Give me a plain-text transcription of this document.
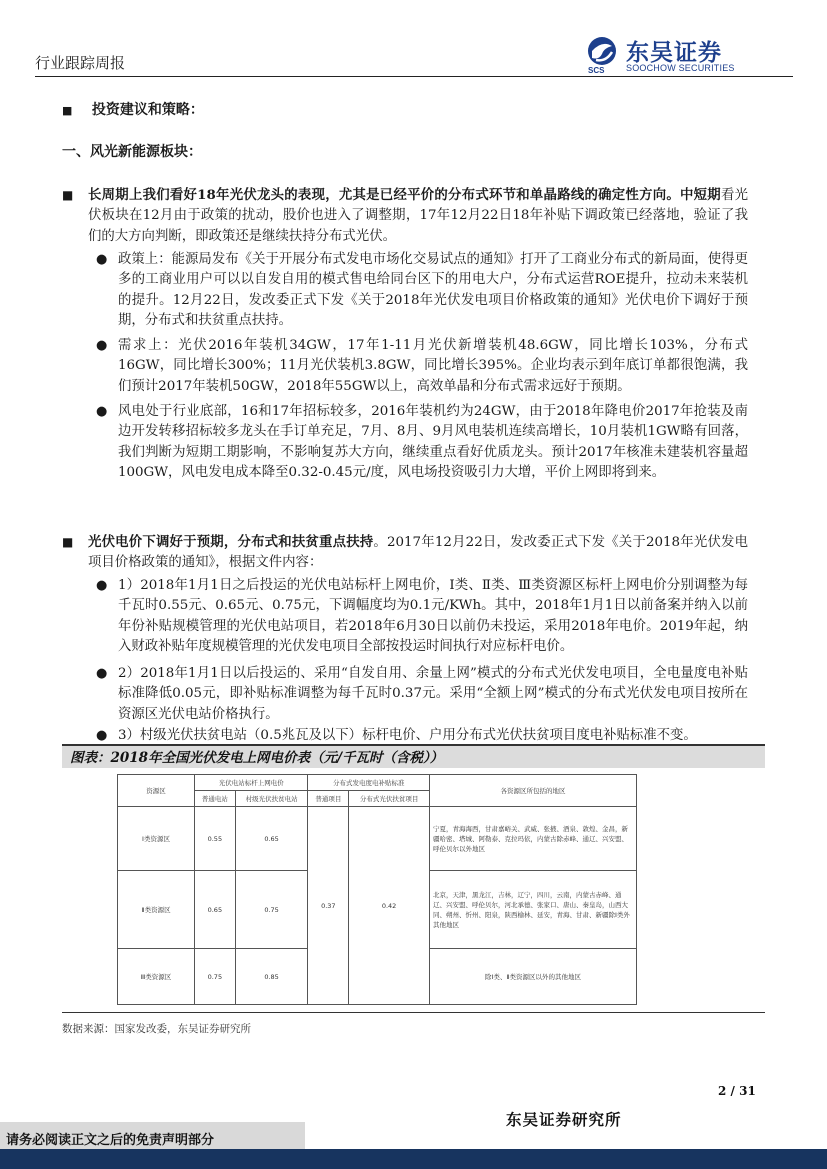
行业跟踪周报	SCS
东吴证券
SOOCHOW SECURITIES
■ 投资建议和策略：
一、风光新能源板块：
■ 长周期上我们看好18年光伏龙头的表现，尤其是已经平价的分布式环节和单晶路线的确定性方向。中短期看光伏板块在12月由于政策的扰动，股价也进入了调整期，17年12月22日18年补贴下调政策已经落地，验证了我们的大方向判断，即政策还是继续扶持分布式光伏。
● 政策上：能源局发布《关于开展分布式发电市场化交易试点的通知》打开了工商业分布式的新局面，使得更多的工商业用户可以以自发自用的模式售电给同台区下的用电大户，分布式运营ROE提升，拉动未来装机的提升。12月22日，发改委正式下发《关于2018年光伏发电项目价格政策的通知》光伏电价下调好于预期，分布式和扶贫重点扶持。
● 需求上：光伏2016年装机34GW，17年1-11月光伏新增装机48.6GW，同比增长103%，分布式16GW，同比增长300%；11月光伏装机3.8GW，同比增长395%。企业均表示到年底订单都很饱满，我们预计2017年装机50GW，2018年55GW以上，高效单晶和分布式需求远好于预期。
● 风电处于行业底部，16和17年招标较多，2016年装机约为24GW，由于2018年降电价2017年抢装及南边开发转移招标较多龙头在手订单充足，7月、8月、9月风电装机连续高增长，10月装机1GW略有回落，我们判断为短期工期影响，不影响复苏大方向，继续重点看好优质龙头。预计2017年核准未建装机容量超100GW，风电发电成本降至0.32-0.45元/度，风电场投资吸引力大增，平价上网即将到来。
■ 光伏电价下调好于预期，分布式和扶贫重点扶持。2017年12月22日，发改委正式下发《关于2018年光伏发电项目价格政策的通知》，根据文件内容：
● 1）2018年1月1日之后投运的光伏电站标杆上网电价，Ⅰ类、Ⅱ类、Ⅲ类资源区标杆上网电价分别调整为每千瓦时0.55元、0.65元、0.75元，下调幅度均为0.1元/KWh。其中，2018年1月1日以前备案并纳入以前年份补贴规模管理的光伏电站项目，若2018年6月30日以前仍未投运，采用2018年电价。2019年起，纳入财政补贴年度规模管理的光伏发电项目全部按投运时间执行对应标杆电价。
● 2）2018年1月1日以后投运的、采用“自发自用、余量上网”模式的分布式光伏发电项目，全电量度电补贴标准降低0.05元，即补贴标准调整为每千瓦时0.37元。采用“全额上网”模式的分布式光伏发电项目按所在资源区光伏电站价格执行。
● 3）村级光伏扶贫电站（0.5兆瓦及以下）标杆电价、户用分布式光伏扶贫项目度电补贴标准不变。
图表：2018年全国光伏发电上网电价表（元/千瓦时（含税））
资源区	光伏电站标杆上网电价		分布式发电度电补贴标准		各资源区所包括的地区
	普通电站	村级光伏扶贫电站	普通项目	分布式光伏扶贫项目	
Ⅰ类资源区	0.55	0.65	0.37	0.42	宁夏，青海海西，甘肃嘉峪关、武威、张掖、酒泉、敦煌、金昌，新疆哈密、塔城、阿勒泰、克拉玛依，内蒙古除赤峰、通辽、兴安盟、呼伦贝尔以外地区
Ⅱ类资源区	0.65	0.75			北京，天津，黑龙江，吉林，辽宁，四川，云南，内蒙古赤峰、通辽、兴安盟、呼伦贝尔，河北承德、张家口、唐山、秦皇岛，山西大同、朔州、忻州、阳泉，陕西榆林、延安，青海、甘肃、新疆除Ⅰ类外其他地区
Ⅲ类资源区	0.75	0.85			除Ⅰ类、Ⅱ类资源区以外的其他地区
数据来源：国家发改委，东吴证券研究所
2 / 31
东吴证券研究所
请务必阅读正文之后的免责声明部分
